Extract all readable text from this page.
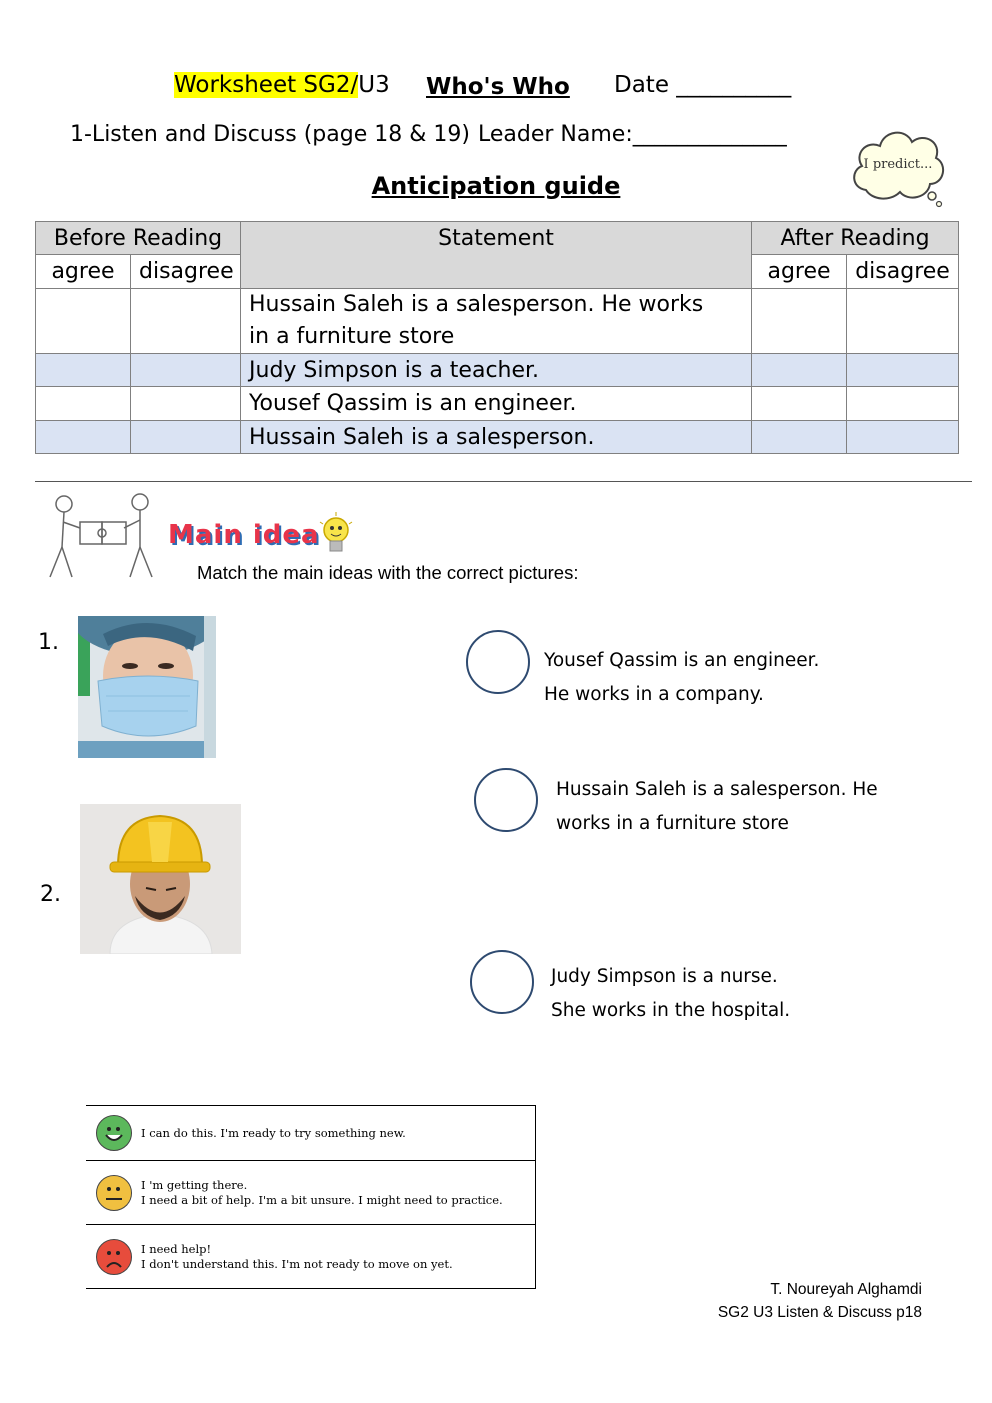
Worksheet SG2/U3 Who's Who Date __________
1-Listen and Discuss (page 18 & 19) Leader Name:______________
Anticipation guide
I predict...
Before Reading		Statement	After Reading	
agree	disagree		agree	disagree

		Hussain Saleh is a salesperson. He works
in a furniture store		

		Judy Simpson is a teacher.		
		Yousef Qassim is an engineer.		
		Hussain Saleh is a salesperson.		
Main idea
Match the main ideas with the correct pictures:
1.
2.
Yousef Qassim is an engineer.
He works in a company.
Hussain Saleh is a salesperson. He
works in a furniture store
Judy Simpson is a nurse.
She works in the hospital.

I can do this. I'm ready to try something new.

	I 'm getting there.
I need a bit of help. I'm a bit unsure. I might need to practice.

I need help!
I don't understand this. I'm not ready to move on yet.
T. Noureyah Alghamdi
SG2 U3 Listen & Discuss p18
